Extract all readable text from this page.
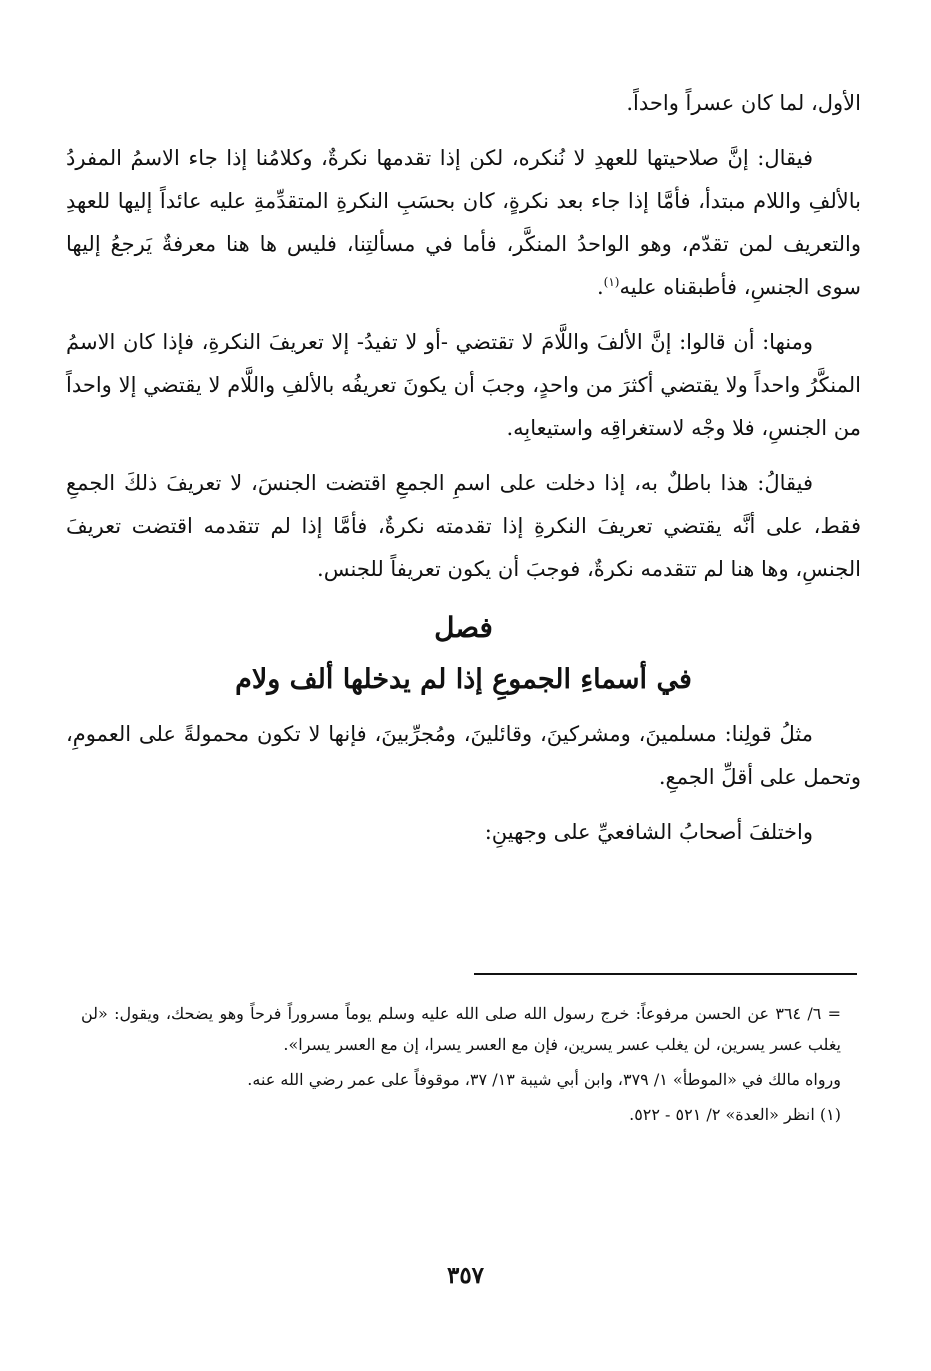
الأول، لما كان عسراً واحداً.

فيقال: إنَّ صلاحيتها للعهدِ لا نُنكره، لكن إذا تقدمها نكرةٌ، وكلامُنا إذا جاء الاسمُ المفردُ بالألفِ واللام مبتدأ، فأمَّا إذا جاء بعد نكرةٍ، كان بحسَبِ النكرةِ المتقدِّمةِ عليه عائداً إليها للعهدِ والتعريف لمن تقدّم، وهو الواحدُ المنكَّر، فأما في مسألتِنا، فليس ها هنا معرفةٌ يَرجعُ إليها سوى الجنسِ، فأطبقناه عليه$^{(١)}$.

ومنها: أن قالوا: إنَّ الألفَ واللَّامَ لا تقتضي -أو لا تفيدُ- إلا تعريفَ النكرةِ، فإذا كان الاسمُ المنكَّرُ واحداً ولا يقتضي أكثرَ من واحدٍ، وجبَ أن يكونَ تعريفُه بالألفِ واللَّام لا يقتضي إلا واحداً من الجنسِ، فلا وجْه لاستغراقِه واستيعابِه.

فيقالُ: هذا باطلٌ به، إذا دخلت على اسمِ الجمعِ اقتضت الجنسَ، لا تعريفَ ذلكَ الجمعِ فقط، على أنَّه يقتضي تعريفَ النكرةِ إذا تقدمته نكرةٌ، فأمَّا إذا لم تتقدمه اقتضت تعريفَ الجنسِ، وها هنا لم تتقدمه نكرةٌ، فوجبَ أن يكون تعريفاً للجنس.

فصل
في أسماءِ الجموعِ إذا لم يدخلها ألف ولام

مثلُ قولِنا: مسلمينَ، ومشركينَ، وقائلينَ، ومُجرِّبينَ، فإنها لا تكون محمولةً على العمومِ، وتحمل على أقلِّ الجمعِ.

واختلفَ أصحابُ الشافعيِّ على وجهينِ:

= ٦/ ٣٦٤ عن الحسن مرفوعاً: خرج رسول الله صلى الله عليه وسلم يوماً مسروراً فرحاً وهو يضحك، ويقول: «لن يغلب عسر يسرين، لن يغلب عسر يسرين، فإن مع العسر يسرا، إن مع العسر يسرا».

ورواه مالك في «الموطأ» ١/ ٣٧٩، وابن أبي شيبة ١٣/ ٣٧، موقوفاً على عمر رضي الله عنه.

(١) انظر «العدة» ٢/ ٥٢١ - ٥٢٢.

٣٥٧
